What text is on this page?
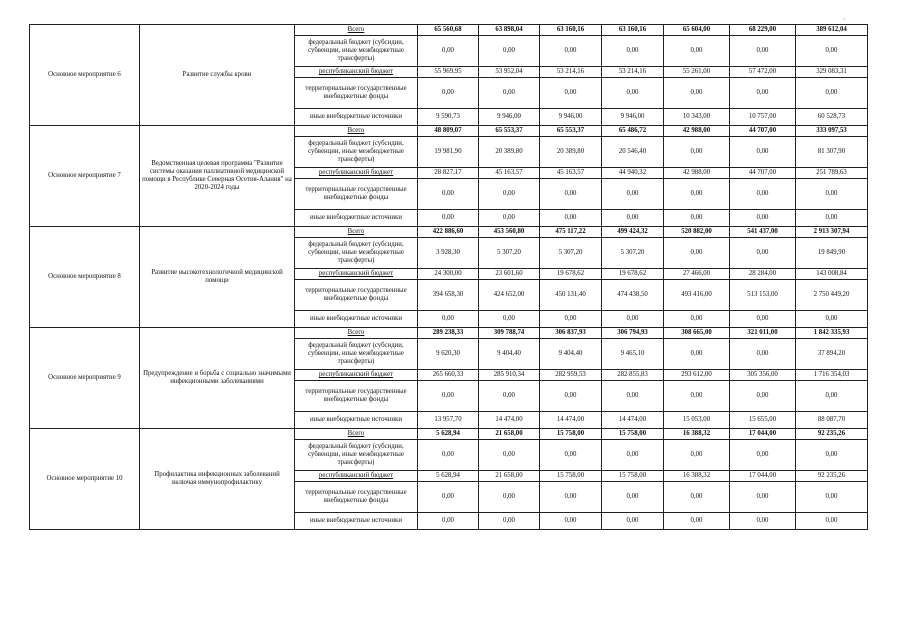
·
Основное мероприятие 6	Развитие службы крови	Всего	65 560,68	63 898,04	63 160,16	63 160,16	65 604,00	68 229,00	389 612,04
		федеральный бюджет (субсидии, субвенции, иные межбюджетные трансферты)	0,00	0,00	0,00	0,00	0,00	0,00	0,00
		республиканский бюджет	55 969,95	53 952,04	53 214,16	53 214,16	55 261,00	57 472,00	329 083,31
		территориальные государственные внебюджетные фонды	0,00	0,00	0,00	0,00	0,00	0,00	0,00
		иные внебюджетные источники	9 590,73	9 946,00	9 946,00	9 946,00	10 343,00	10 757,00	60 528,73
Основное мероприятие 7	Ведомственная целевая программа "Развитие системы оказания паллиативной медицинской помощи в Республике Северная Осетия-Алания" на 2020-2024 годы	Всего	48 809,07	65 553,37	65 553,37	65 486,72	42 988,00	44 707,00	333 097,53
		федеральный бюджет (субсидии, субвенции, иные межбюджетные трансферты)	19 981,90	20 389,80	20 389,80	20 546,40	0,00	0,00	81 307,90
		республиканский бюджет	28 827,17	45 163,57	45 163,57	44 940,32	42 988,00	44 707,00	251 789,63
		территориальные государственные внебюджетные фонды	0,00	0,00	0,00	0,00	0,00	0,00	0,00
		иные внебюджетные источники	0,00	0,00	0,00	0,00	0,00	0,00	0,00
Основное мероприятие 8	Развитие высокотехнологичной медицинской помощи	Всего	422 886,60	453 560,80	475 117,22	499 424,32	520 882,00	541 437,00	2 913 307,94
		федеральный бюджет (субсидии, субвенции, иные межбюджетные трансферты)	3 928,30	5 307,20	5 307,20	5 307,20	0,00	0,00	19 849,90
		республиканский бюджет	24 300,00	23 601,60	19 678,62	19 678,62	27 466,00	28 284,00	143 008,84
		территориальные государственные внебюджетные фонды	394 658,30	424 652,00	450 131,40	474 438,50	493 416,00	513 153,00	2 750 449,20
		иные внебюджетные источники	0,00	0,00	0,00	0,00	0,00	0,00	0,00
Основное мероприятие 9	Предупреждение и борьба с социально значимыми инфекционными заболеваниями	Всего	289 238,33	309 788,74	306 837,93	306 794,93	308 665,00	321 011,00	1 842 335,93
		федеральный бюджет (субсидии, субвенции, иные межбюджетные трансферты)	9 620,30	9 404,40	9 404,40	9 465,10	0,00	0,00	37 894,20
		республиканский бюджет	265 660,33	285 910,34	282 959,53	282 855,83	293 612,00	305 356,00	1 716 354,03
		территориальные государственные внебюджетные фонды	0,00	0,00	0,00	0,00	0,00	0,00	0,00
		иные внебюджетные источники	13 957,70	14 474,00	14 474,00	14 474,00	15 053,00	15 655,00	88 087,70
Основное мероприятие 10	Профилактика инфекционных заболеваний включая иммунопрофилактику	Всего	5 628,94	21 658,00	15 758,00	15 758,00	16 388,32	17 044,00	92 235,26
		федеральный бюджет (субсидии, субвенции, иные межбюджетные трансферты)	0,00	0,00	0,00	0,00	0,00	0,00	0,00
		республиканский бюджет	5 628,94	21 658,00	15 758,00	15 758,00	16 388,32	17 044,00	92 235,26
		территориальные государственные внебюджетные фонды	0,00	0,00	0,00	0,00	0,00	0,00	0,00
		иные внебюджетные источники	0,00	0,00	0,00	0,00	0,00	0,00	0,00
